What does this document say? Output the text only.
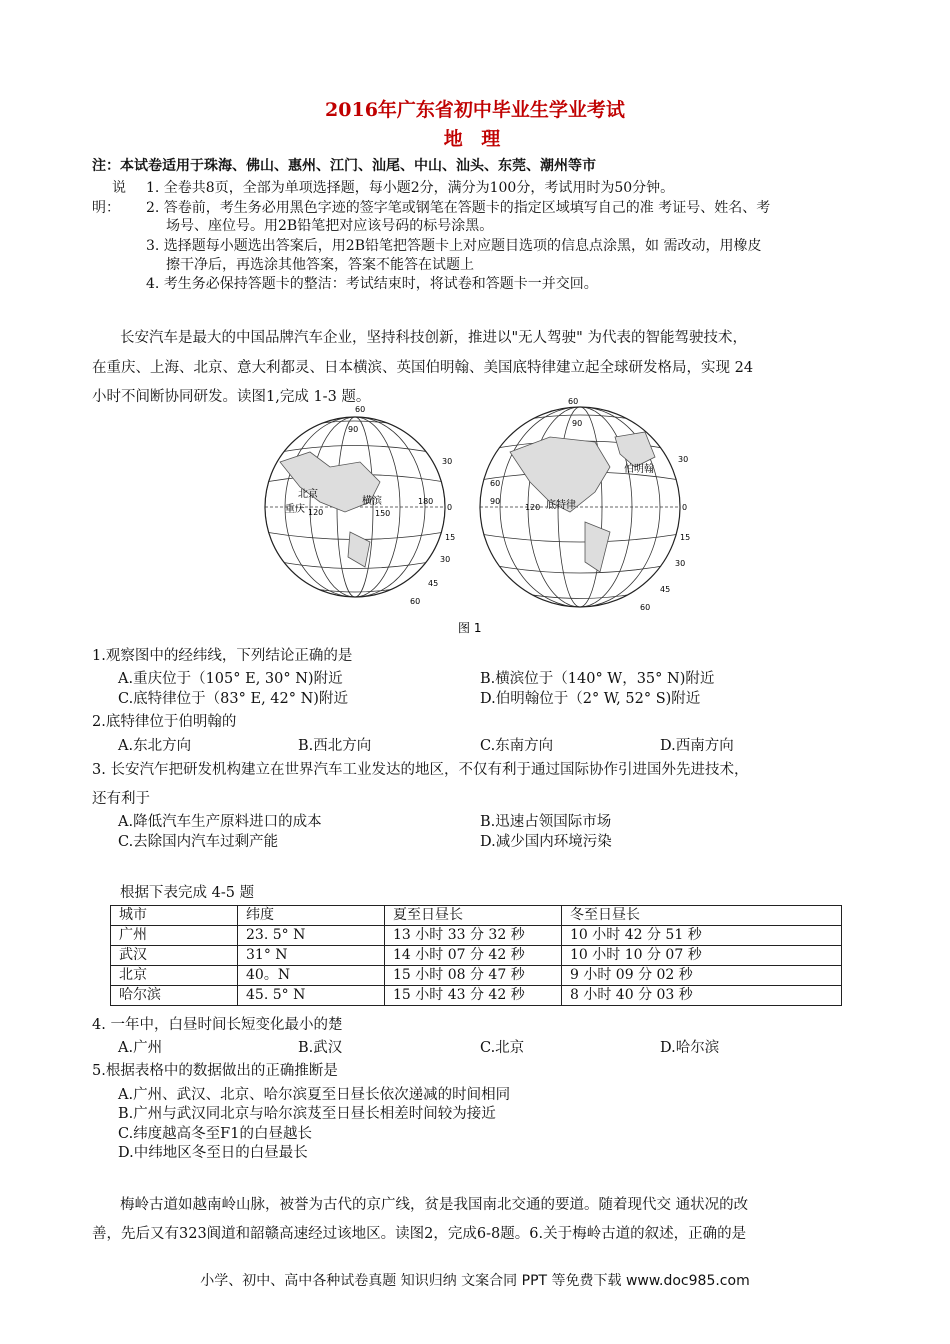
2016年广东省初中毕业生学业考试
地 理
注：本试卷适用于珠海、佛山、惠州、江门、汕尾、中山、汕头、东莞、潮州等市
说
明：
1. 全卷共8页，全部为单项选择题，每小题2分，满分为100分，考试用时为50分钟。
2. 答卷前，考生务必用黑色字迹的签字笔或钢笔在答题卡的指定区域填写自己的准 考证号、姓名、考
场号、座位号。用2B铅笔把对应该号码的标号涂黑。
3. 选择题每小题选出答案后，用2B铅笔把答题卡上对应题目选项的信息点涂黑，如 需改动，用橡皮
擦干净后，再选涂其他答案，答案不能答在试题上
4. 考生务必保持答题卡的整洁：考试结束时，将试卷和答题卡一并交回。
长安汽车是最大的中国品牌汽车企业，坚持科技创新，推进以"无人驾驶" 为代表的智能驾驶技术，
在重庆、上海、北京、意大利都灵、日本横滨、英国伯明翰、美国底特律建立起全球研发格局，实现 24
小时不间断协同研发。读图1,完成 1-3 题。
北京
重庆
横滨
60
90
120	150
180
30
0
15
30
45
60
伯明翰
底特律
60
90
120
90
60
30
0
15
30
45
60
图 1
1.观察图中的经纬线，下列结论正确的是
A.重庆位于（105° E, 30° N)附近	B.横滨位于（140° W，35° N)附近
C.底特律位于（83° E, 42° N)附近	D.伯明翰位于（2° W, 52° S)附近
2.底特律位于伯明翰的
A.东北方向	B.西北方向	C.东南方向	D.西南方向
3. 长安汽乍把研发机构建立在世界汽车工业发达的地区，不仅有利于通过国际协作引进国外先进技术，
还有利于
A.降低汽车生产原料进口的成本	B.迅速占领国际市场
C.去除国内汽车过剩产能	D.减少国内环境污染
根据下表完成 4-5 题
城市	纬度	夏至日昼长	冬至日昼长
广州	23. 5° N	13 小时 33 分 32 秒	10 小时 42 分 51 秒
武汉	31° N	14 小时 07 分 42 秒	10 小时 10 分 07 秒
北京	40。N	15 小时 08 分 47 秒	9 小时 09 分 02 秒
哈尔滨	45. 5° N	15 小时 43 分 42 秒	8 小时 40 分 03 秒
4. 一年中，白昼时间长短变化最小的楚
A.广州	B.武汉	C.北京	D.哈尔滨
5.根据表格中的数据做出的正确推断是
A.广州、武汉、北京、哈尔滨夏至日昼长依次递减的时间相同
B.广州与武汉同北京与哈尔滨芨至日昼长相差时间较为接近
C.纬度越高冬至F1的白昼越长
D.中纬地区冬至日的白昼最长
梅岭古道如越南岭山脉，被誉为古代的京广线，贫是我国南北交通的要道。随着现代交 通状况的改
善，先后又有323阆道和韶赣高速经过该地区。读图2，完成6-8题。6.关于梅岭古道的叙述，正确的是
小学、初中、高中各种试卷真题 知识归纳 文案合同 PPT 等免费下载 www.doc985.com
